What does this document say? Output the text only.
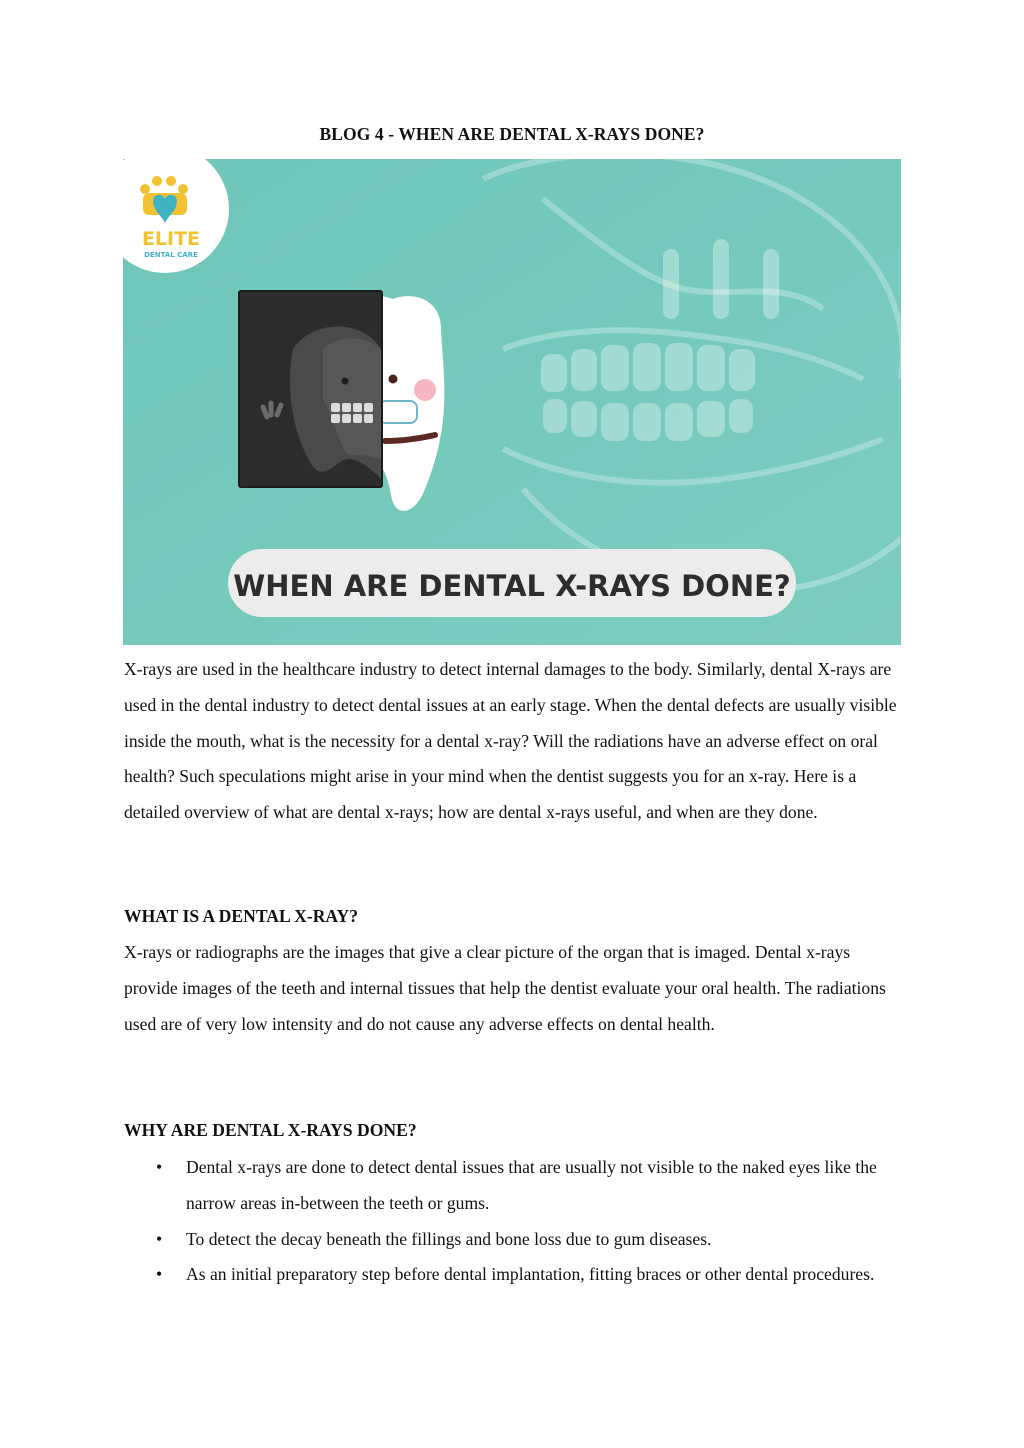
BLOG 4 - WHEN ARE DENTAL X-RAYS DONE?
ELITE
DENTAL CARE
WHEN ARE DENTAL X-RAYS DONE?

X-rays are used in the healthcare industry to detect internal damages to the body. Similarly, dental X-rays are used in the dental industry to detect dental issues at an early stage. When the dental defects are usually visible inside the mouth, what is the necessity for a dental x-ray? Will the radiations have an adverse effect on oral health? Such speculations might arise in your mind when the dentist suggests you for an x-ray. Here is a detailed overview of what are dental x-rays; how are dental x-rays useful, and when are they done.

WHAT IS A DENTAL X-RAY?

X-rays or radiographs are the images that give a clear picture of the organ that is imaged. Dental x-rays provide images of the teeth and internal tissues that help the dentist evaluate your oral health. The radiations used are of very low intensity and do not cause any adverse effects on dental health.

WHY ARE DENTAL X-RAYS DONE?
• Dental x-rays are done to detect dental issues that are usually not visible to the naked eyes like the narrow areas in-between the teeth or gums.
• To detect the decay beneath the fillings and bone loss due to gum diseases.
• As an initial preparatory step before dental implantation, fitting braces or other dental procedures.
